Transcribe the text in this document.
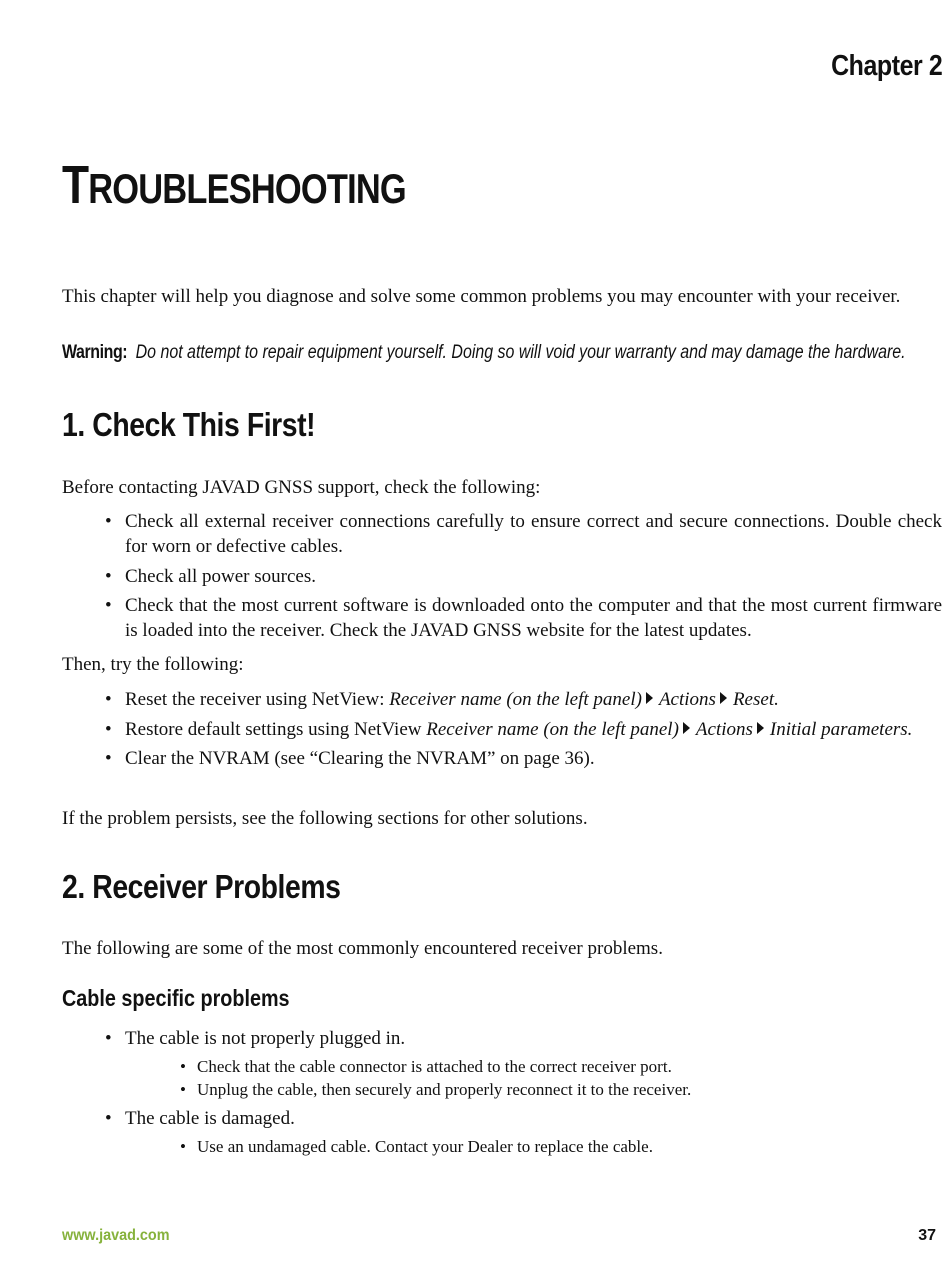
Chapter 2
TROUBLESHOOTING

This chapter will help you diagnose and solve some common problems you may encounter with your receiver.

Warning: Do not attempt to repair equipment yourself. Doing so will void your warranty and may damage the hardware.
1. Check This First!

Before contacting JAVAD GNSS support, check the following:

• Check all external receiver connections carefully to ensure correct and secure connections. Double check for worn or defective cables.
• Check all power sources.
• Check that the most current software is downloaded onto the computer and that the most current firmware is loaded into the receiver. Check the JAVAD GNSS website for the latest updates.

Then, try the following:

• Reset the receiver using NetView: Receiver name (on the left panel) Actions Reset.
• Restore default settings using NetView Receiver name (on the left panel) Actions Initial parameters.
• Clear the NVRAM (see “Clearing the NVRAM” on page 36).

If the problem persists, see the following sections for other solutions.

2. Receiver Problems

The following are some of the most commonly encountered receiver problems.

Cable specific problems
• The cable is not properly plugged in.
• Check that the cable connector is attached to the correct receiver port.
• Unplug the cable, then securely and properly reconnect it to the receiver.
• The cable is damaged.
• Use an undamaged cable. Contact your Dealer to replace the cable.
www.javad.com	37
